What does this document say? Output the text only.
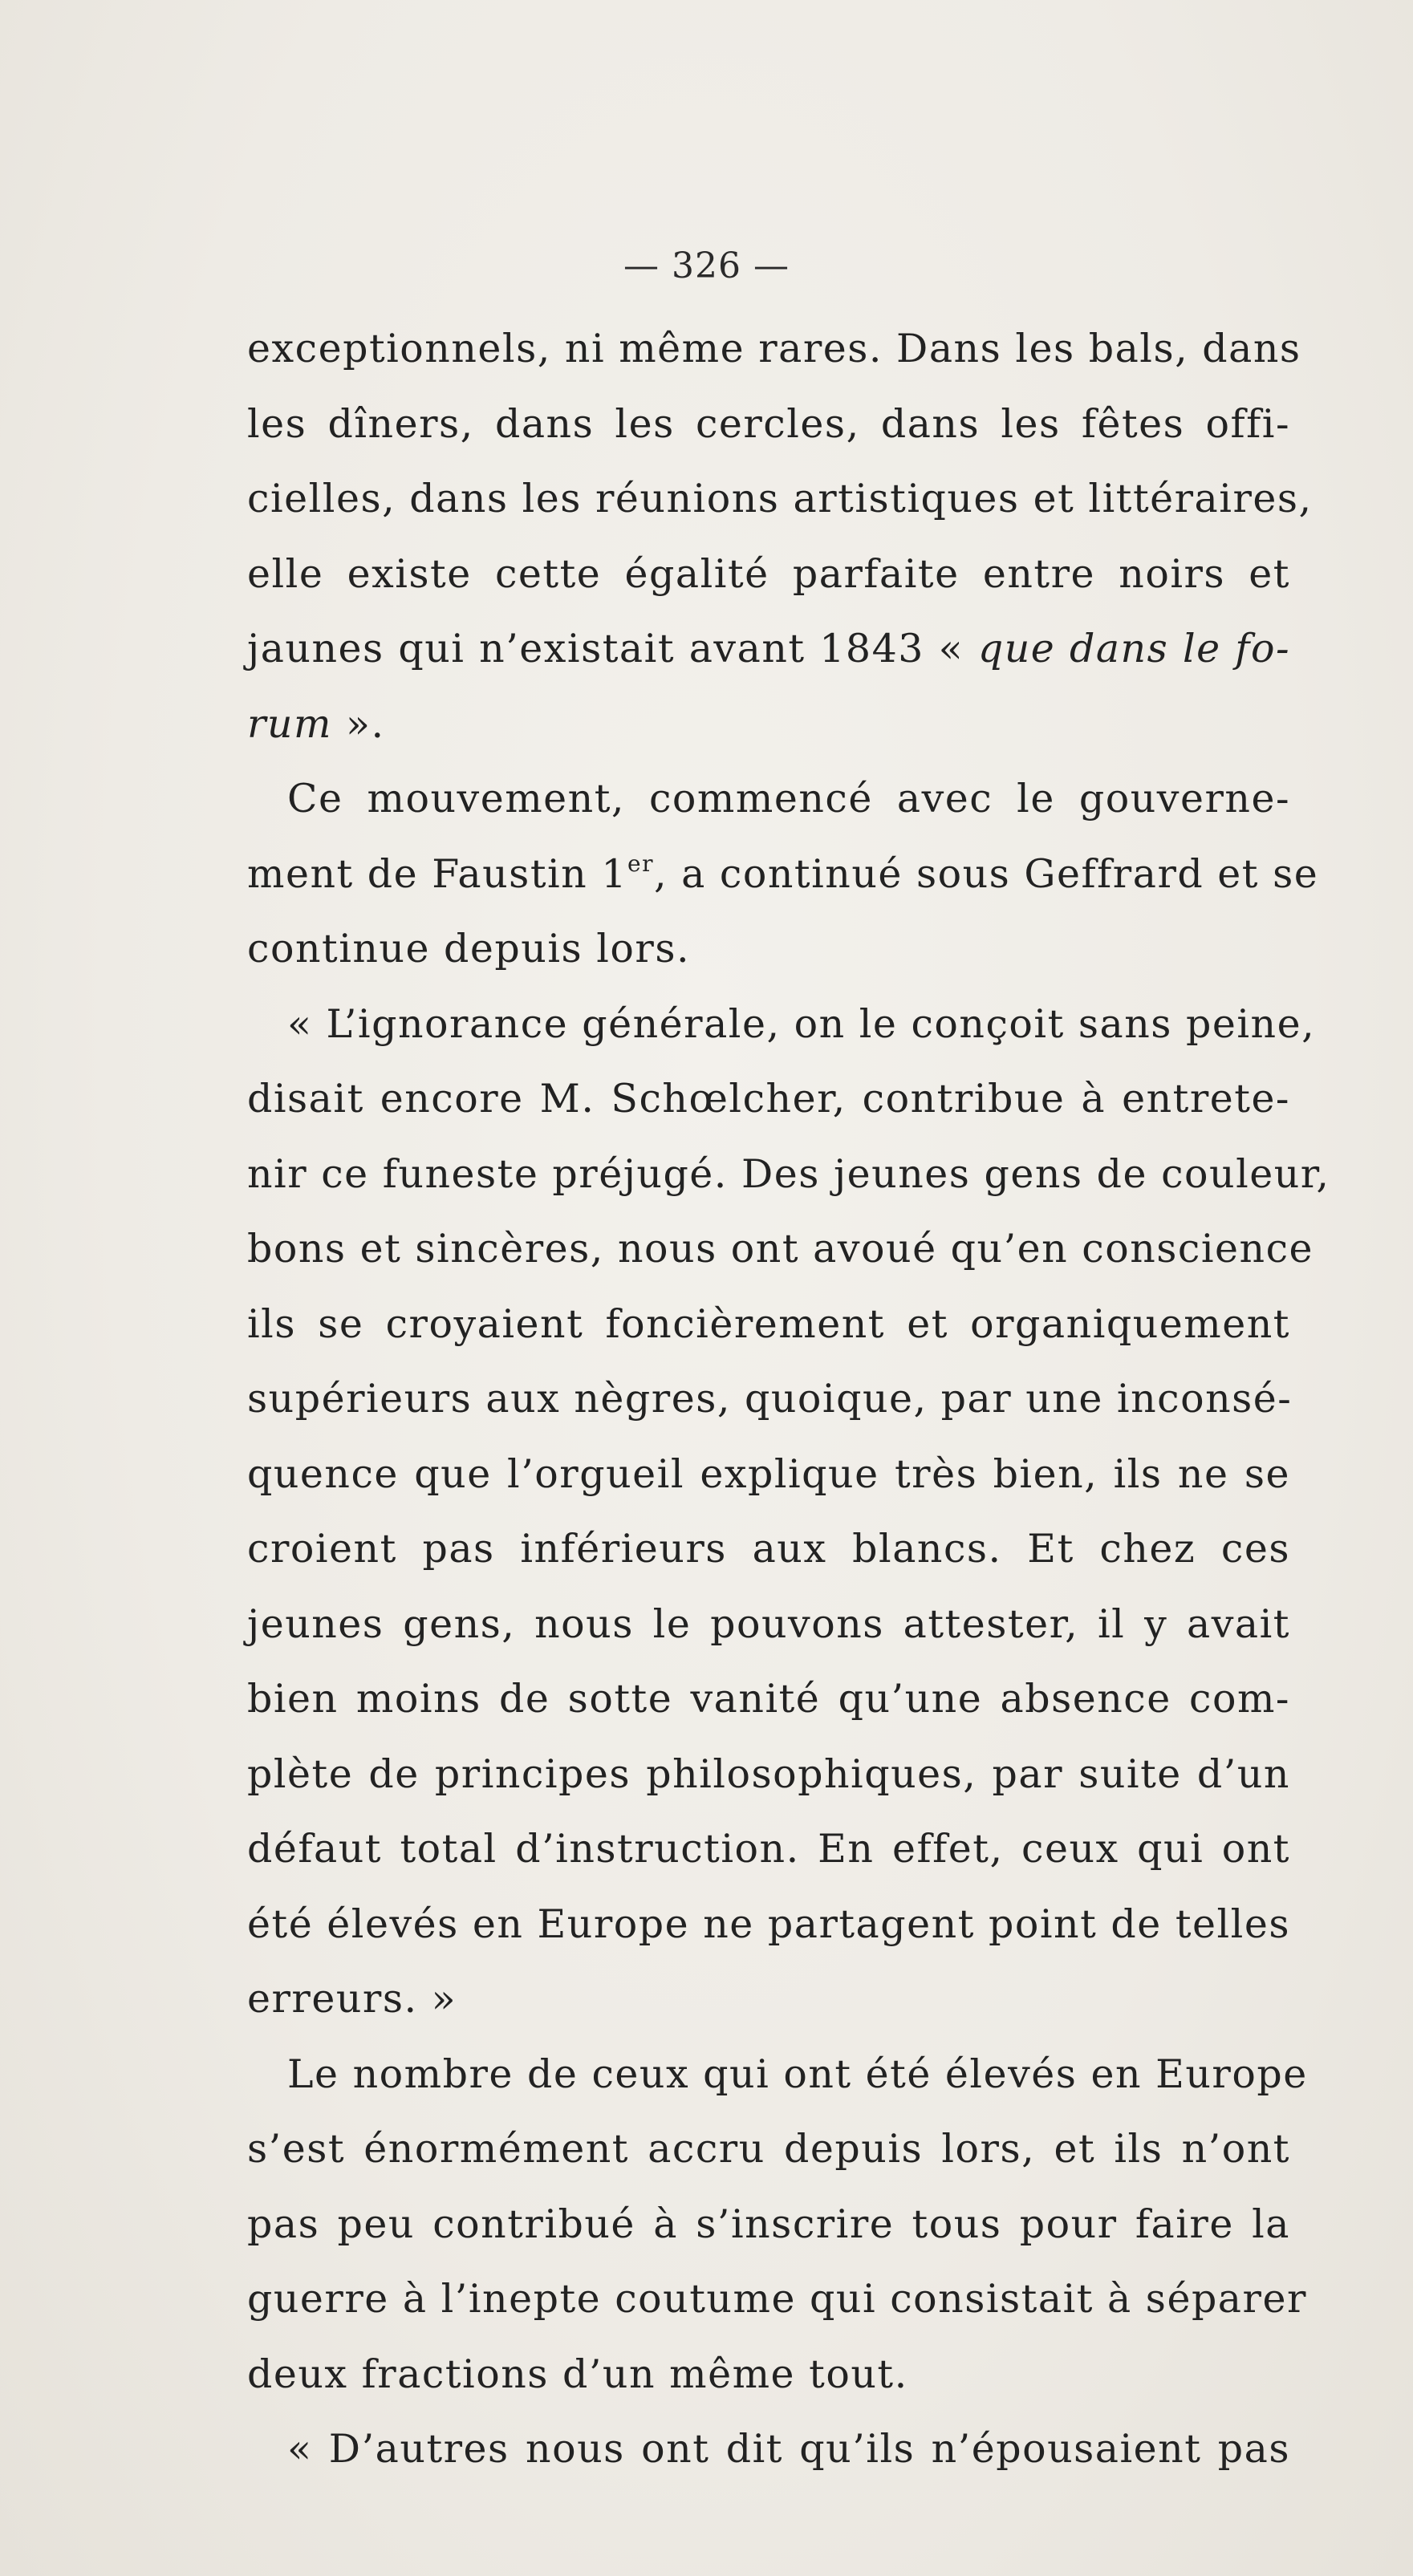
— 326 —
exceptionnels, ni même rares. Dans les bals, dans
les dîners, dans les cercles, dans les fêtes offi-
cielles, dans les réunions artistiques et littéraires,
elle existe cette égalité parfaite entre noirs et
jaunes qui n’existait avant 1843 « que dans le fo-
rum ».
Ce mouvement, commencé avec le gouverne-
ment de Faustin 1er, a continué sous Geffrard et se
continue depuis lors.
« L’ignorance générale, on le conçoit sans peine,
disait encore M. Schœlcher, contribue à entrete-
nir ce funeste préjugé. Des jeunes gens de couleur,
bons et sincères, nous ont avoué qu’en conscience
ils se croyaient foncièrement et organiquement
supérieurs aux nègres, quoique, par une inconsé-
quence que l’orgueil explique très bien, ils ne se
croient pas inférieurs aux blancs. Et chez ces
jeunes gens, nous le pouvons attester, il y avait
bien moins de sotte vanité qu’une absence com-
plète de principes philosophiques, par suite d’un
défaut total d’instruction. En effet, ceux qui ont
été élevés en Europe ne partagent point de telles
erreurs. »
Le nombre de ceux qui ont été élevés en Europe
s’est énormément accru depuis lors, et ils n’ont
pas peu contribué à s’inscrire tous pour faire la
guerre à l’inepte coutume qui consistait à séparer
deux fractions d’un même tout.
« D’autres nous ont dit qu’ils n’épousaient pas
